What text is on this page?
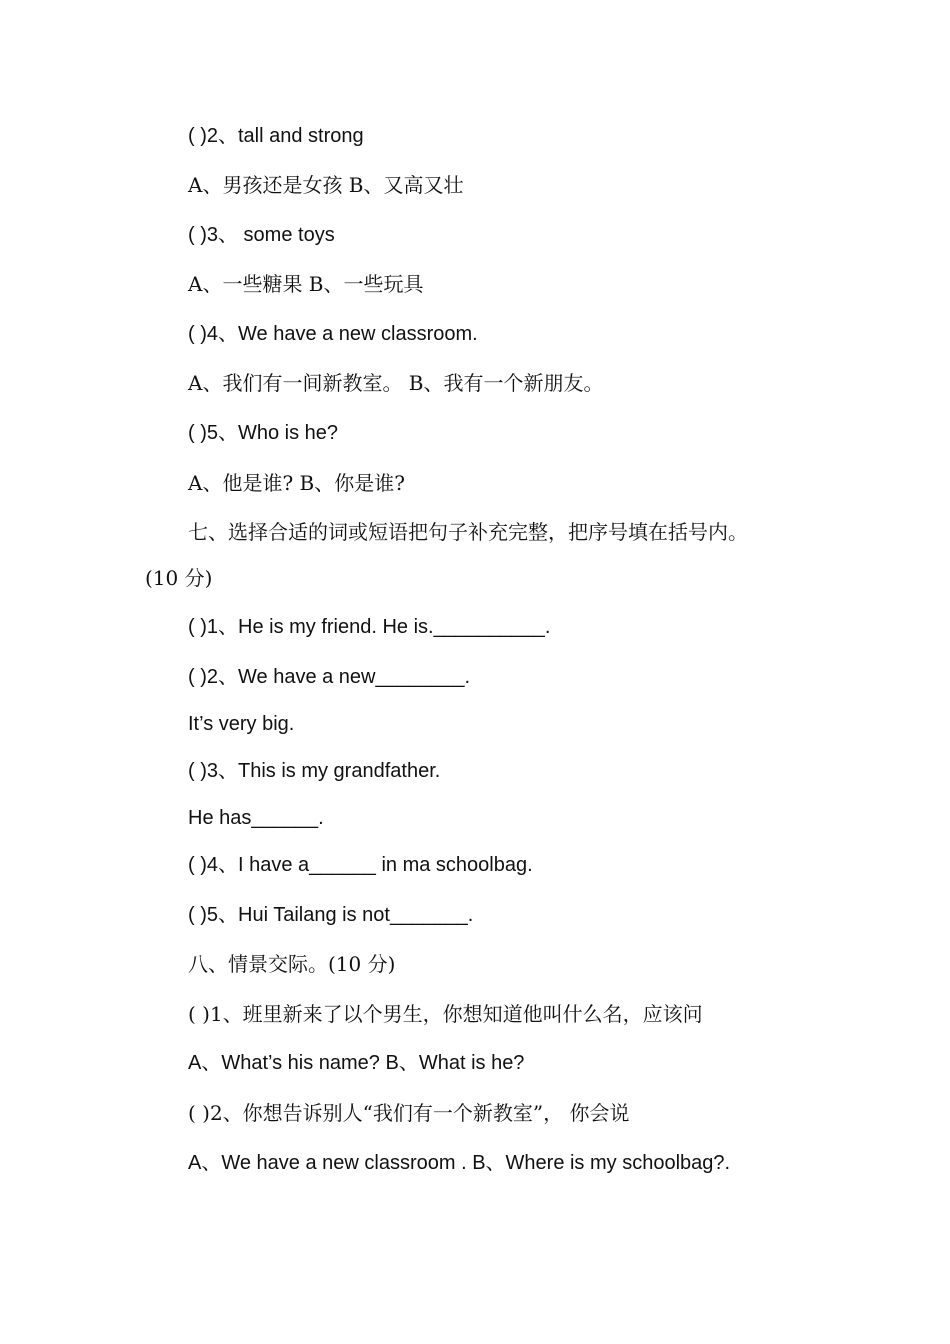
( )2、tall and strong
A、男孩还是女孩 B、又高又壮
( )3、 some toys
A、一些糖果 B、一些玩具
( )4、We have a new classroom.
A、我们有一间新教室。 B、我有一个新朋友。
( )5、Who is he?
A、他是谁? B、你是谁?
七、选择合适的词或短语把句子补充完整，把序号填在括号内。
(10 分)
( )1、He is my friend. He is.__________.
( )2、We have a new________.
It’s very big.
( )3、This is my grandfather.
He has______.
( )4、I have a______ in ma schoolbag.
( )5、Hui Tailang is not_______.
八、情景交际。(10 分)
( )1、班里新来了以个男生，你想知道他叫什么名，应该问
A、What’s his name? B、What is he?
( )2、你想告诉别人“我们有一个新教室”， 你会说
A、We have a new classroom . B、Where is my schoolbag?.
